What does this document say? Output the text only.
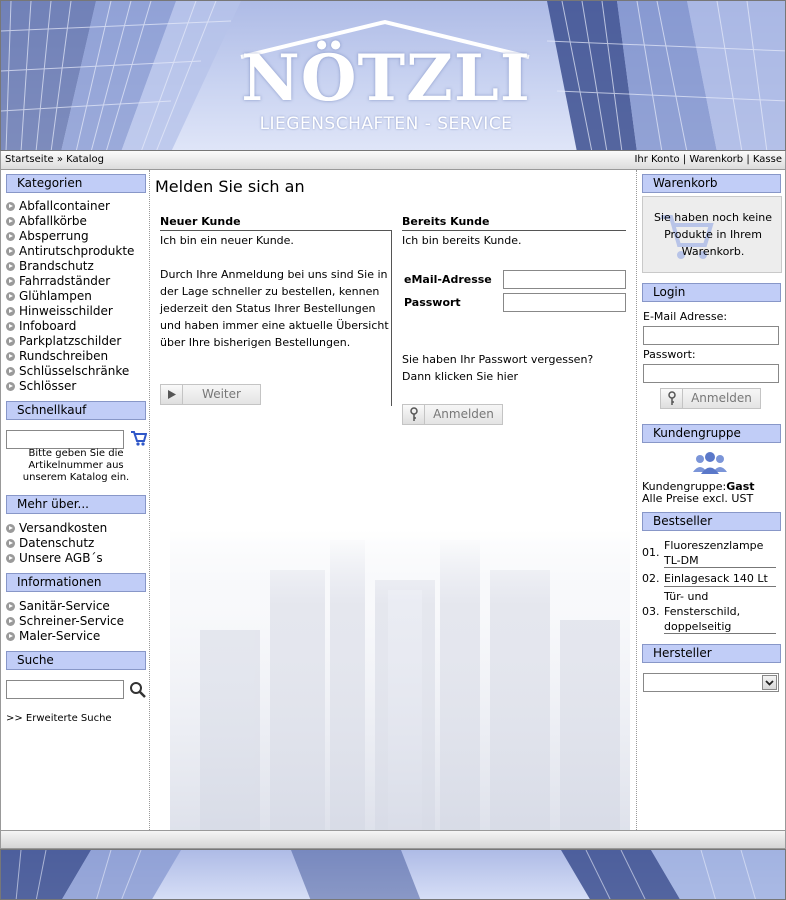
NÖTZLI
LIEGENSCHAFTEN - SERVICE
Startseite » Katalog	Ihr Konto | Warenkorb | Kasse
Kategorien
Abfallcontainer
Abfallkörbe
Absperrung
Antirutschprodukte
Brandschutz
Fahrradständer
Glühlampen
Hinweisschilder
Infoboard
Parkplatzschilder
Rundschreiben
Schlüsselschränke
Schlösser
Schnellkauf
Bitte geben Sie die Artikelnummer aus unserem Katalog ein.
Mehr über...
Versandkosten
Datenschutz
Unsere AGB´s
Informationen
Sanitär-Service
Schreiner-Service
Maler-Service
Suche
>> Erweiterte Suche
Melden Sie sich an
Neuer Kunde
Ich bin ein neuer Kunde.
Durch Ihre Anmeldung bei uns sind Sie in der Lage schneller zu bestellen, kennen jederzeit den Status Ihrer Bestellungen und haben immer eine aktuelle Übersicht über Ihre bisherigen Bestellungen.
Weiter
Bereits Kunde
Ich bin bereits Kunde.
eMail-Adresse
Passwort
Sie haben Ihr Passwort vergessen?
Dann klicken Sie hier
Anmelden
Warenkorb
Sie haben noch keine Produkte in Ihrem Warenkorb.
Login
E-Mail Adresse:
Passwort:
Anmelden
Kundengruppe
Kundengruppe:Gast
Alle Preise excl. UST
Bestseller
01.
Fluoreszenzlampe TL-DM
02. Einlagesack 140 Lt
03.
Tür- und Fensterschild, doppelseitig
Hersteller
